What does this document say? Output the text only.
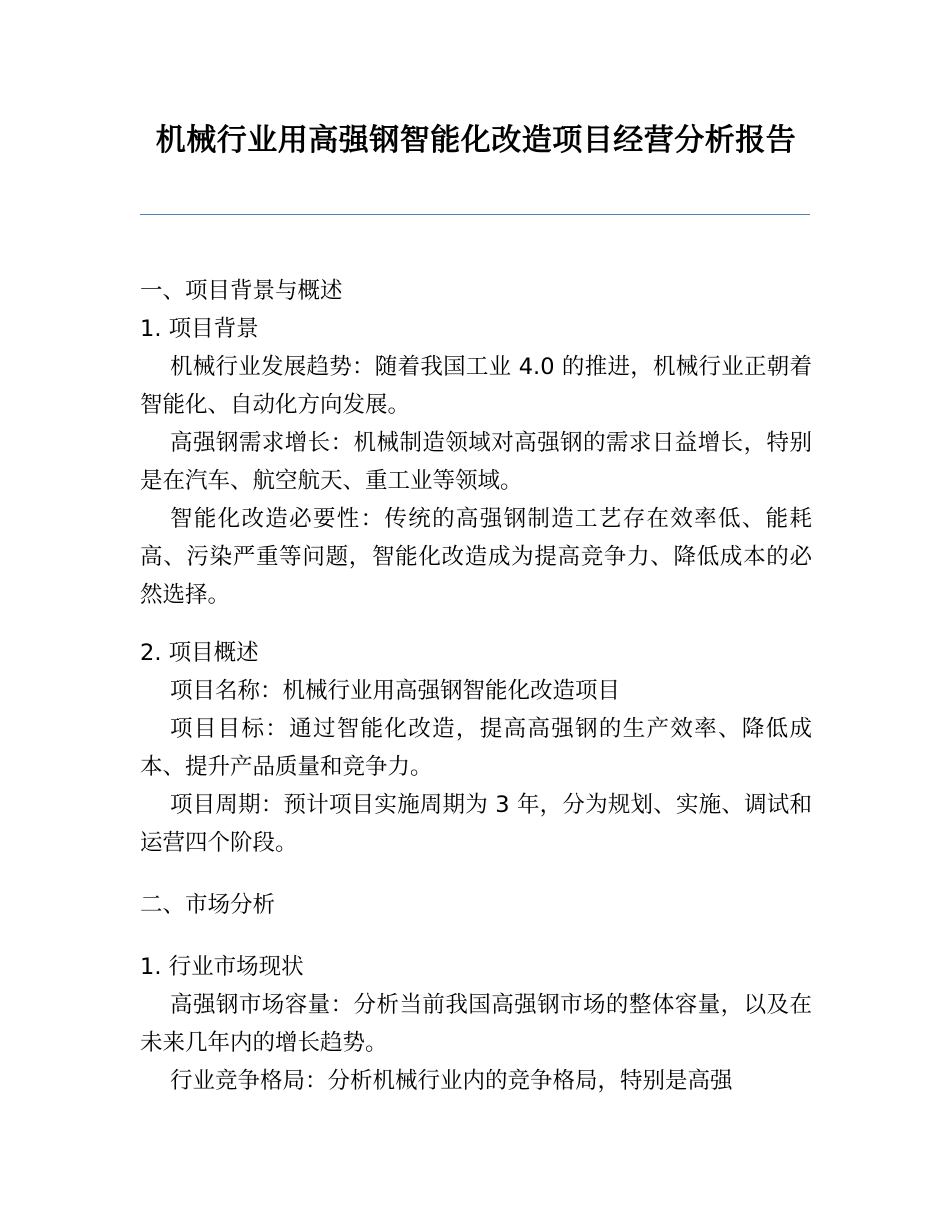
机械行业用高强钢智能化改造项目经营分析报告

一、项目背景与概述

1. 项目背景

机械行业发展趋势：随着我国工业 4.0 的推进，机械行业正朝着智能化、自动化方向发展。

高强钢需求增长：机械制造领域对高强钢的需求日益增长，特别是在汽车、航空航天、重工业等领域。

智能化改造必要性：传统的高强钢制造工艺存在效率低、能耗高、污染严重等问题，智能化改造成为提高竞争力、降低成本的必然选择。

2. 项目概述

项目名称：机械行业用高强钢智能化改造项目

项目目标：通过智能化改造，提高高强钢的生产效率、降低成本、提升产品质量和竞争力。

项目周期：预计项目实施周期为 3 年，分为规划、实施、调试和运营四个阶段。

二、市场分析

1. 行业市场现状

高强钢市场容量：分析当前我国高强钢市场的整体容量，以及在未来几年内的增长趋势。

行业竞争格局：分析机械行业内的竞争格局，特别是高强
